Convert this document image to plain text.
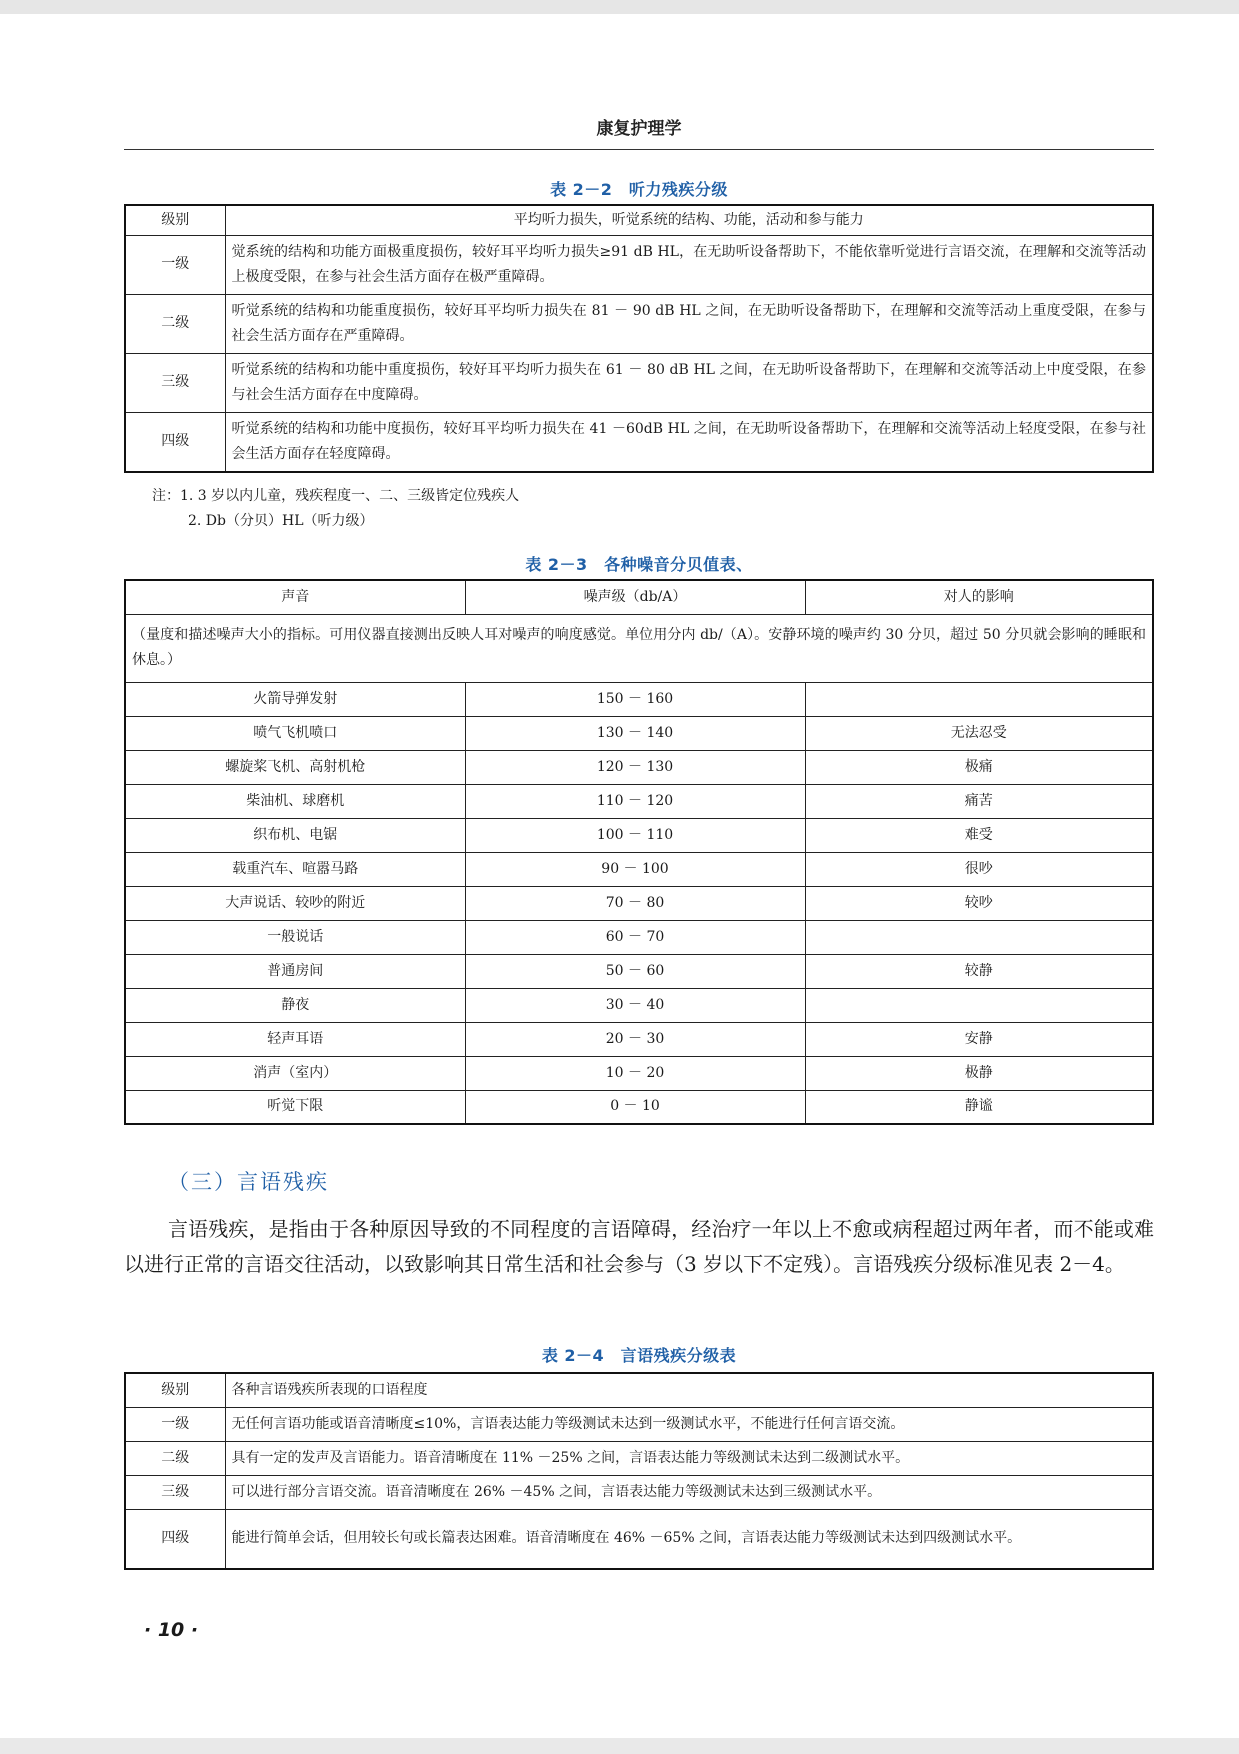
康复护理学
表 2－2　听力残疾分级
级别	平均听力损失，听觉系统的结构、功能，活动和参与能力
一级	觉系统的结构和功能方面极重度损伤，较好耳平均听力损失≥91 dB HL，在无助听设备帮助下，不能依靠听觉进行言语交流，在理解和交流等活动上极度受限，在参与社会生活方面存在极严重障碍。
二级	听觉系统的结构和功能重度损伤，较好耳平均听力损失在 81 － 90 dB HL 之间，在无助听设备帮助下，在理解和交流等活动上重度受限，在参与社会生活方面存在严重障碍。
三级	听觉系统的结构和功能中重度损伤，较好耳平均听力损失在 61 － 80 dB HL 之间，在无助听设备帮助下，在理解和交流等活动上中度受限，在参与社会生活方面存在中度障碍。
四级	听觉系统的结构和功能中度损伤，较好耳平均听力损失在 41 －60dB HL 之间，在无助听设备帮助下，在理解和交流等活动上轻度受限，在参与社会生活方面存在轻度障碍。
注：1. 3 岁以内儿童，残疾程度一、二、三级皆定位残疾人
2. Db（分贝）HL（听力级）
表 2－3　各种噪音分贝值表、
声音	噪声级（db/A）	对人的影响
（量度和描述噪声大小的指标。可用仪器直接测出反映人耳对噪声的响度感觉。单位用分内 db/（A）。安静环境的噪声约 30 分贝，超过 50 分贝就会影响的睡眠和休息。）		
火箭导弹发射	150 － 160	
喷气飞机喷口	130 － 140	无法忍受
螺旋桨飞机、高射机枪	120 － 130	极痛
柴油机、球磨机	110 － 120	痛苦
织布机、电锯	100 － 110	难受
载重汽车、喧嚣马路	90 － 100	很吵
大声说话、较吵的附近	70 － 80	较吵
一般说话	60 － 70	
普通房间	50 － 60	较静
静夜	30 － 40	
轻声耳语	20 － 30	安静
消声（室内）	10 － 20	极静
听觉下限	0 － 10	静谧
（三）言语残疾
言语残疾，是指由于各种原因导致的不同程度的言语障碍，经治疗一年以上不愈或病程超过两年者，而不能或难以进行正常的言语交往活动，以致影响其日常生活和社会参与（3 岁以下不定残）。言语残疾分级标准见表 2－4。
表 2－4　言语残疾分级表
级别	各种言语残疾所表现的口语程度
一级	无任何言语功能或语音清晰度≤10%，言语表达能力等级测试未达到一级测试水平，不能进行任何言语交流。
二级	具有一定的发声及言语能力。语音清晰度在 11% －25% 之间，言语表达能力等级测试未达到二级测试水平。
三级	可以进行部分言语交流。语音清晰度在 26% －45% 之间，言语表达能力等级测试未达到三级测试水平。
四级	能进行简单会话，但用较长句或长篇表达困难。语音清晰度在 46% －65% 之间，言语表达能力等级测试未达到四级测试水平。
· 10 ·
